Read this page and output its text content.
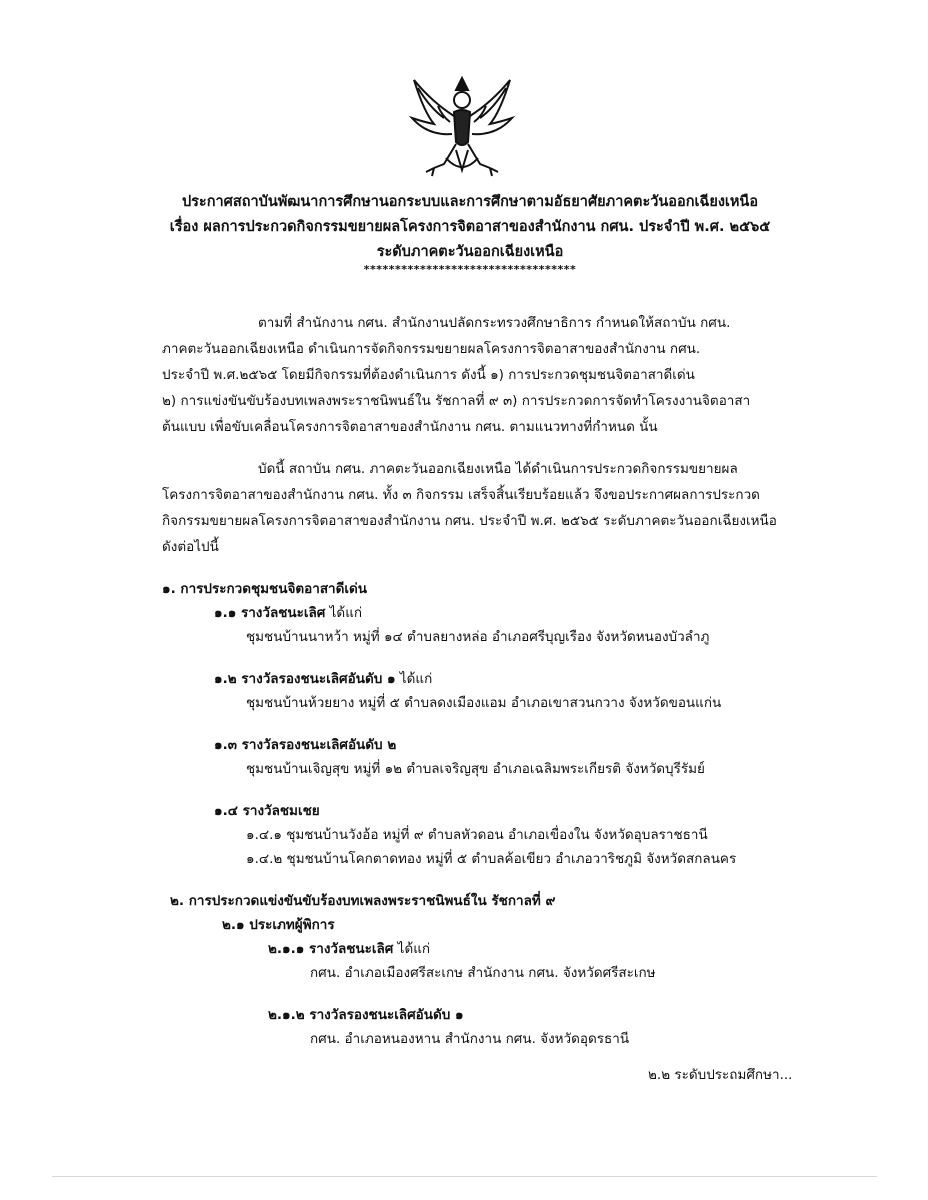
ประกาศสถาบันพัฒนาการศึกษานอกระบบและการศึกษาตามอัธยาศัยภาคตะวันออกเฉียงเหนือ
เรื่อง ผลการประกวดกิจกรรมขยายผลโครงการจิตอาสาของสำนักงาน กศน. ประจำปี พ.ศ. ๒๕๖๕
ระดับภาคตะวันออกเฉียงเหนือ
**********************************
ตามที่ สำนักงาน กศน. สำนักงานปลัดกระทรวงศึกษาธิการ กำหนดให้สถาบัน กศน.
ภาคตะวันออกเฉียงเหนือ ดำเนินการจัดกิจกรรมขยายผลโครงการจิตอาสาของสำนักงาน กศน.
ประจำปี พ.ศ.๒๕๖๕ โดยมีกิจกรรมที่ต้องดำเนินการ ดังนี้ ๑) การประกวดชุมชนจิตอาสาดีเด่น
๒) การแข่งขันขับร้องบทเพลงพระราชนิพนธ์ใน รัชกาลที่ ๙ ๓) การประกวดการจัดทำโครงงานจิตอาสา
ต้นแบบ เพื่อขับเคลื่อนโครงการจิตอาสาของสำนักงาน กศน. ตามแนวทางที่กำหนด นั้น
บัดนี้ สถาบัน กศน. ภาคตะวันออกเฉียงเหนือ ได้ดำเนินการประกวดกิจกรรมขยายผล
โครงการจิตอาสาของสำนักงาน กศน. ทั้ง ๓ กิจกรรม เสร็จสิ้นเรียบร้อยแล้ว จึงขอประกาศผลการประกวด
กิจกรรมขยายผลโครงการจิตอาสาของสำนักงาน กศน. ประจำปี พ.ศ. ๒๕๖๕ ระดับภาคตะวันออกเฉียงเหนือ
ดังต่อไปนี้
๑. การประกวดชุมชนจิตอาสาดีเด่น
๑.๑ รางวัลชนะเลิศ ได้แก่
ชุมชนบ้านนาหว้า หมู่ที่ ๑๔ ตำบลยางหล่อ อำเภอศรีบุญเรือง จังหวัดหนองบัวลำภู
๑.๒ รางวัลรองชนะเลิศอันดับ ๑ ได้แก่
ชุมชนบ้านห้วยยาง หมู่ที่ ๕ ตำบลดงเมืองแอม อำเภอเขาสวนกวาง จังหวัดขอนแก่น
๑.๓ รางวัลรองชนะเลิศอันดับ ๒
ชุมชนบ้านเจิญสุข หมู่ที่ ๑๒ ตำบลเจริญสุข อำเภอเฉลิมพระเกียรติ จังหวัดบุรีรัมย์
๑.๔ รางวัลชมเชย
๑.๔.๑ ชุมชนบ้านวังอ้อ หมู่ที่ ๙ ตำบลหัวดอน อำเภอเขื่องใน จังหวัดอุบลราชธานี
๑.๔.๒ ชุมชนบ้านโคกตาดทอง หมู่ที่ ๕ ตำบลค้อเขียว อำเภอวาริชภูมิ จังหวัดสกลนคร
๒. การประกวดแข่งขันขับร้องบทเพลงพระราชนิพนธ์ใน รัชกาลที่ ๙
๒.๑ ประเภทผู้พิการ
๒.๑.๑ รางวัลชนะเลิศ ได้แก่
กศน. อำเภอเมืองศรีสะเกษ สำนักงาน กศน. จังหวัดศรีสะเกษ
๒.๑.๒ รางวัลรองชนะเลิศอันดับ ๑
กศน. อำเภอหนองหาน สำนักงาน กศน. จังหวัดอุดรธานี
๒.๒ ระดับประถมศึกษา...
